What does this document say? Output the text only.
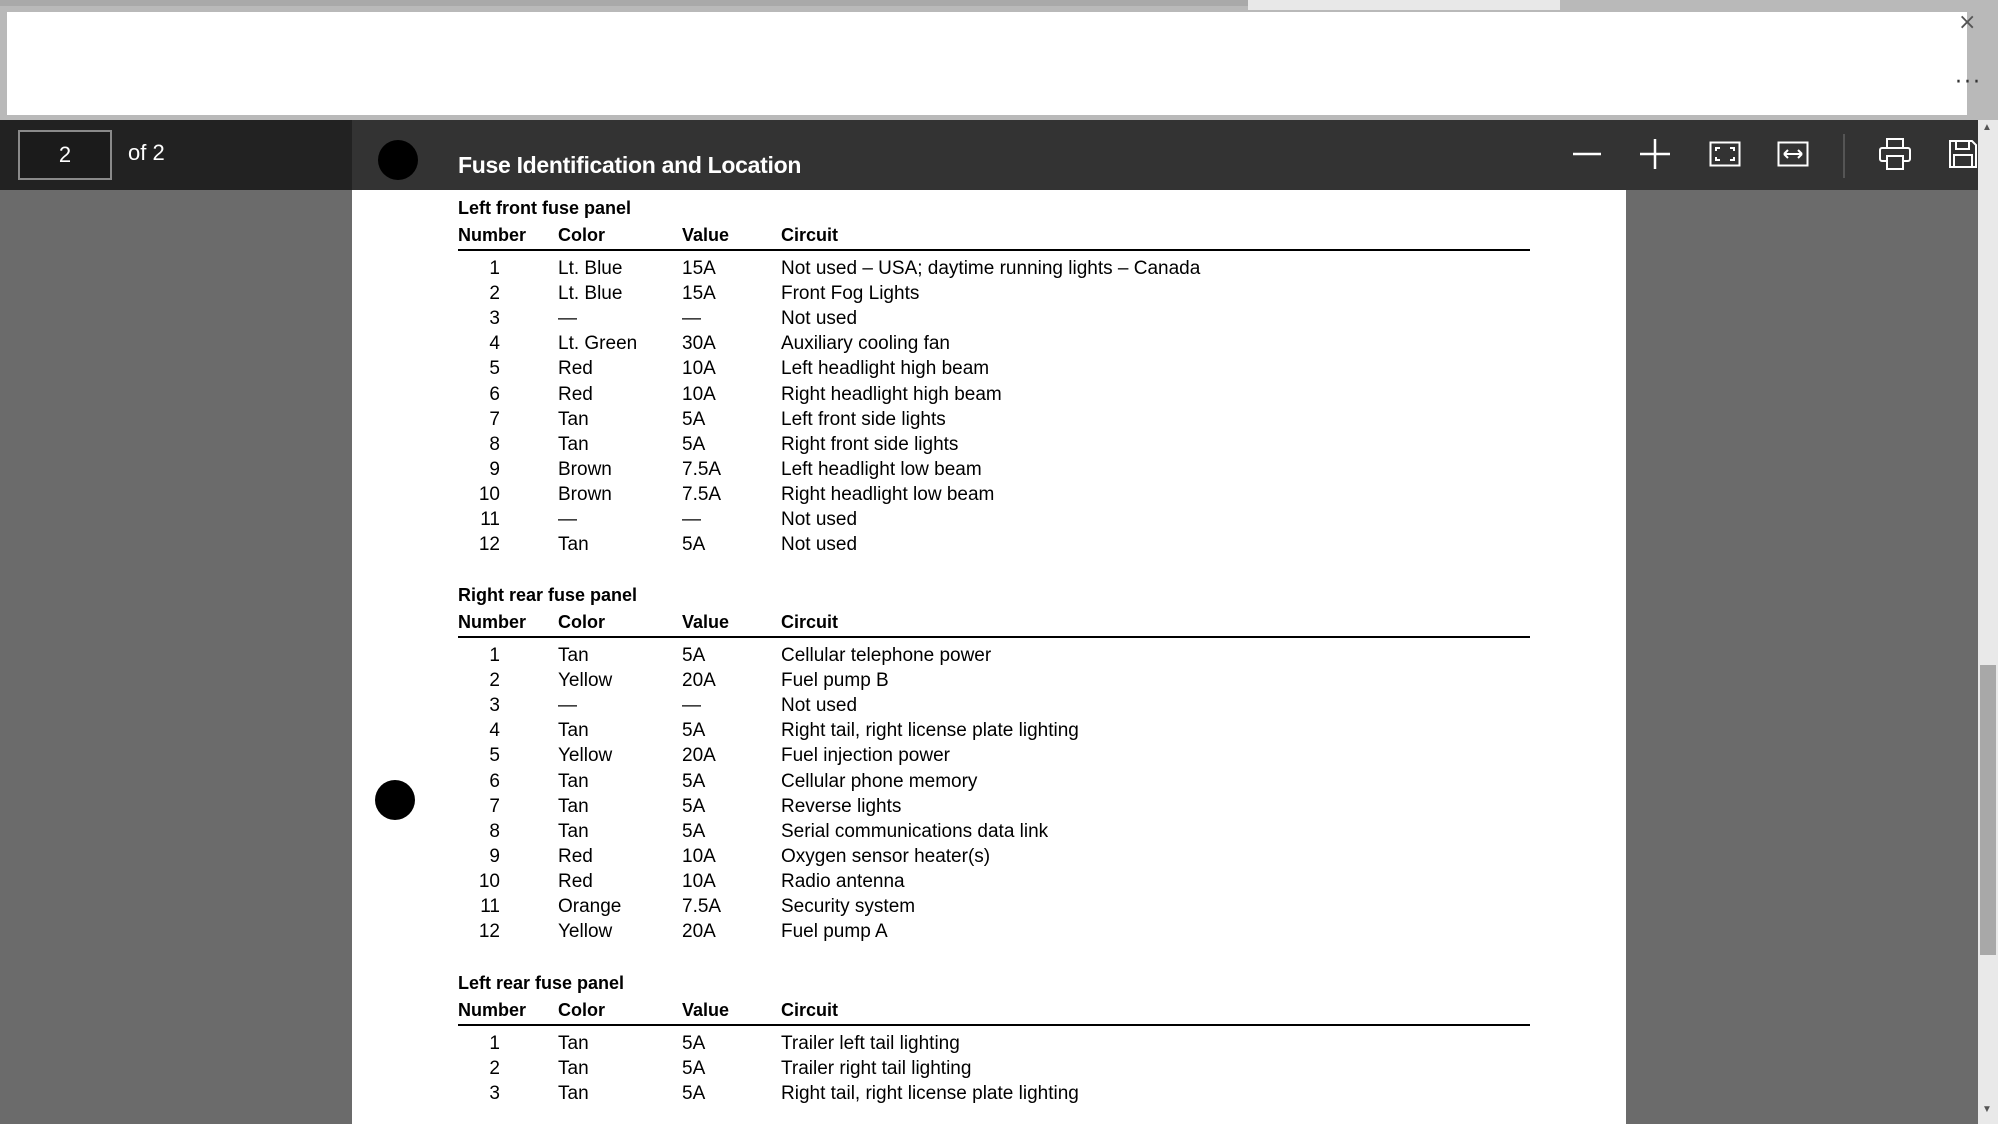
×
···
2	of 2	Fuse Identification and Location
Left front fuse panel
Number Color	Value	Circuit
1	Lt. Blue	15A	Not used – USA; daytime running lights – Canada
2	Lt. Blue	15A	Front Fog Lights
3	—	—	Not used
4	Lt. Green 30A	Auxiliary cooling fan
5	Red	10A	Left headlight high beam
6	Red	10A	Right headlight high beam
7	Tan	5A	Left front side lights
8	Tan	5A	Right front side lights
9	Brown	7.5A	Left headlight low beam
10	Brown	7.5A	Right headlight low beam
11	—	—	Not used
12	Tan	5A	Not used
Right rear fuse panel
Number Color	Value	Circuit
1	Tan	5A	Cellular telephone power
2	Yellow	20A	Fuel pump B
3	—	—	Not used
4	Tan	5A	Right tail, right license plate lighting
5	Yellow	20A	Fuel injection power
6	Tan	5A	Cellular phone memory
7	Tan	5A	Reverse lights
8	Tan	5A	Serial communications data link
9	Red	10A	Oxygen sensor heater(s)
10	Red	10A	Radio antenna
11	Orange	7.5A	Security system
12	Yellow	20A	Fuel pump A
Left rear fuse panel
Number Color	Value	Circuit
1	Tan	5A	Trailer left tail lighting
2	Tan	5A	Trailer right tail lighting
3	Tan	5A	Right tail, right license plate lighting
▲
▼
